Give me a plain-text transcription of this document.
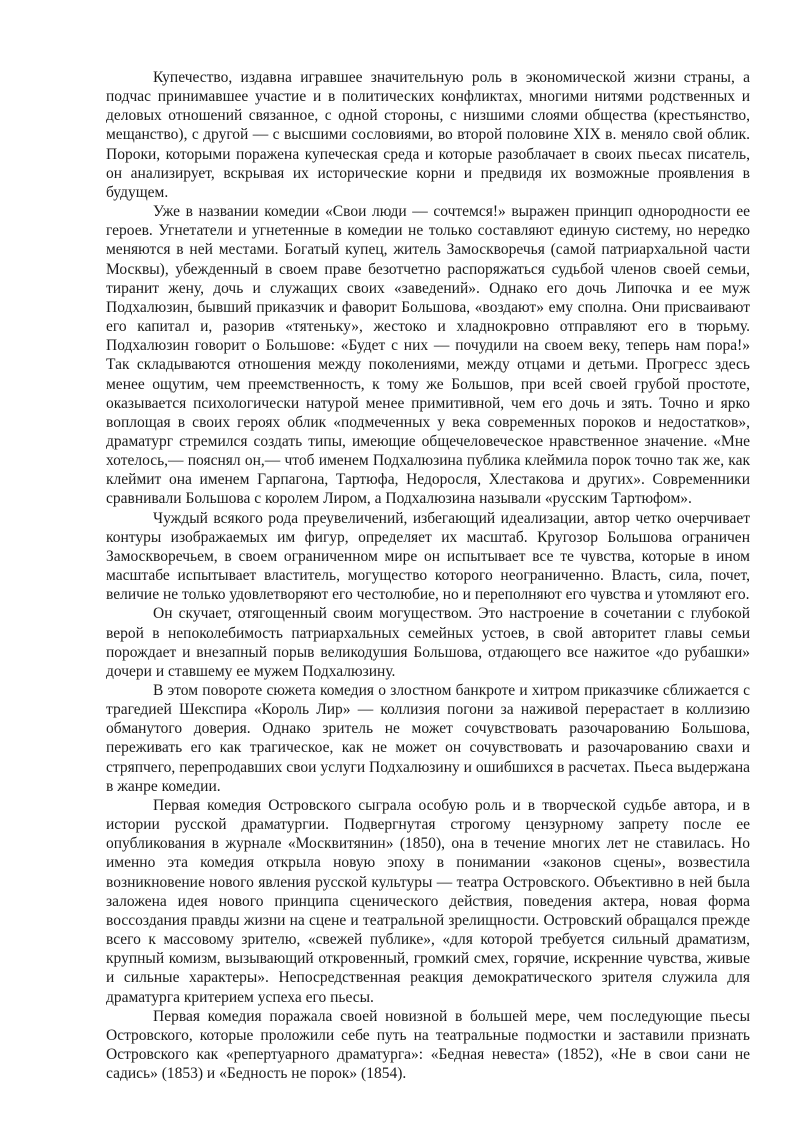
Купечество, издавна игравшее значительную роль в экономической жизни страны, а подчас принимавшее участие и в политических конфликтах, многими нитями родственных и деловых отношений связанное, с одной стороны, с низшими слоями общества (крестьянство, мещанство), с другой — с высшими сословиями, во второй половине XIX в. меняло свой облик. Пороки, которыми поражена купеческая среда и которые разоблачает в своих пьесах писатель, он анализирует, вскрывая их исторические корни и предвидя их возможные проявления в будущем.

Уже в названии комедии «Свои люди — сочтемся!» выражен принцип однородности ее героев. Угнетатели и угнетенные в комедии не только составляют единую систему, но нередко меняются в ней местами. Богатый купец, житель Замоскворечья (самой патриархальной части Москвы), убежденный в своем праве безотчетно распоряжаться судьбой членов своей семьи, тиранит жену, дочь и служащих своих «заведений». Однако его дочь Липочка и ее муж Подхалюзин, бывший приказчик и фаворит Большова, «воздают» ему сполна. Они присваивают его капитал и, разорив «тятеньку», жестоко и хладнокровно отправляют его в тюрьму. Подхалюзин говорит о Большове: «Будет с них — почудили на своем веку, теперь нам пора!» Так складываются отношения между поколениями, между отцами и детьми. Прогресс здесь менее ощутим, чем преемственность, к тому же Большов, при всей своей грубой простоте, оказывается психологически натурой менее примитивной, чем его дочь и зять. Точно и ярко воплощая в своих героях облик «подмеченных у века современных пороков и недостатков», драматург стремился создать типы, имеющие общечеловеческое нравственное значение. «Мне хотелось,— пояснял он,— чтоб именем Подхалюзина публика клеймила порок точно так же, как клеймит она именем Гарпагона, Тартюфа, Недоросля, Хлестакова и других». Современники сравнивали Большова с королем Лиром, а Подхалюзина называли «русским Тартюфом».

Чуждый всякого рода преувеличений, избегающий идеализации, автор четко очерчивает контуры изображаемых им фигур, определяет их масштаб. Кругозор Большова ограничен Замоскворечьем, в своем ограниченном мире он испытывает все те чувства, которые в ином масштабе испытывает властитель, могущество которого неограниченно. Власть, сила, почет, величие не только удовлетворяют его честолюбие, но и переполняют его чувства и утомляют его.

Он скучает, отягощенный своим могуществом. Это настроение в сочетании с глубокой верой в непоколебимость патриархальных семейных устоев, в свой авторитет главы семьи порождает и внезапный порыв великодушия Большова, отдающего все нажитое «до рубашки» дочери и ставшему ее мужем Подхалюзину.

В этом повороте сюжета комедия о злостном банкроте и хитром приказчике сближается с трагедией Шекспира «Король Лир» — коллизия погони за наживой перерастает в коллизию обманутого доверия. Однако зритель не может сочувствовать разочарованию Большова, переживать его как трагическое, как не может он сочувствовать и разочарованию свахи и стряпчего, перепродавших свои услуги Подхалюзину и ошибшихся в расчетах. Пьеса выдержана в жанре комедии.

Первая комедия Островского сыграла особую роль и в творческой судьбе автора, и в истории русской драматургии. Подвергнутая строгому цензурному запрету после ее опубликования в журнале «Москвитянин» (1850), она в течение многих лет не ставилась. Но именно эта комедия открыла новую эпоху в понимании «законов сцены», возвестила возникновение нового явления русской культуры — театра Островского. Объективно в ней была заложена идея нового принципа сценического действия, поведения актера, новая форма воссоздания правды жизни на сцене и театральной зрелищности. Островский обращался прежде всего к массовому зрителю, «свежей публике», «для которой требуется сильный драматизм, крупный комизм, вызывающий откровенный, громкий смех, горячие, искренние чувства, живые и сильные характеры». Непосредственная реакция демократического зрителя служила для драматурга критерием успеха его пьесы.

Первая комедия поражала своей новизной в большей мере, чем последующие пьесы Островского, которые проложили себе путь на театральные подмостки и заставили признать Островского как «репертуарного драматурга»: «Бедная невеста» (1852), «Не в свои сани не садись» (1853) и «Бедность не порок» (1854).
